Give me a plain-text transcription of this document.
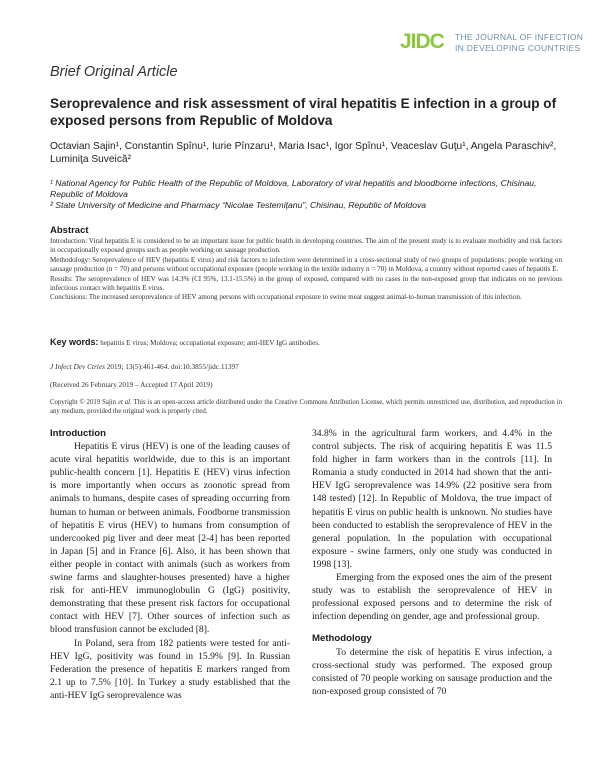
JIDC THE JOURNAL OF INFECTION
IN DEVELOPING COUNTRIES
Brief Original Article
Seroprevalence and risk assessment of viral hepatitis E infection in a group of exposed persons from Republic of Moldova
Octavian Sajin¹, Constantin Spînu¹, Iurie Pînzaru¹, Maria Isac¹, Igor Spînu¹, Veaceslav Guţu¹, Angela Paraschiv², Luminiţa Suveică²

¹ National Agency for Public Health of the Republic of Moldova, Laboratory of viral hepatitis and bloodborne infections, Chisinau, Republic of Moldova

² State University of Medicine and Pharmacy “Nicolae Testemiţanu”, Chisinau, Republic of Moldova

Abstract

Introduction: Viral hepatitis E is considered to be an important issue for public health in developing countries. The aim of the present study is to evaluate morbidity and risk factors in occupationally exposed groups such as people working on sausage production.

Methodology: Seroprevalence of HEV (hepatitis E virus) and risk factors to infection were determined in a cross-sectional study of two groups of populations: people working on sausage production (n = 70) and persons without occupational exposure (people working in the textile industry n = 70) in Moldova, a country without reported cases of hepatitis E.

Results: The seroprevalence of HEV was 14.3% (CI 95%, 13.1-15.5%) in the group of exposed, compared with no cases in the non-exposed group that indicates on no previous infectious contact with hepatitis E virus.

Conclusions: The increased seroprevalence of HEV among persons with occupational exposure to swine meat suggest animal-to-human transmission of this infection.

Key words: hepatitis E virus; Moldova; occupational exposure; anti-HEV IgG antibodies.
J Infect Dev Ctries 2019; 13(5):461-464. doi:10.3855/jidc.11397
(Received 26 February 2019 – Accepted 17 April 2019)
Copyright © 2019 Sajin et al. This is an open-access article distributed under the Creative Commons Attribution License, which permits unrestricted use, distribution, and reproduction in any medium, provided the original work is properly cited.

Introduction

Hepatitis E virus (HEV) is one of the leading causes of acute viral hepatitis worldwide, due to this is an important public-health concern [1]. Hepatitis E (HEV) virus infection is more importantly when occurs as zoonotic spread from animals to humans, despite cases of spreading occurring from human to human or between animals. Foodborne transmission of hepatitis E virus (HEV) to humans from consumption of undercooked pig liver and deer meat [2-4] has been reported in Japan [5] and in France [6]. Also, it has been shown that either people in contact with animals (such as workers from swine farms and slaughter-houses presented) have a higher risk for anti-HEV immunoglobulin G (IgG) positivity, demonstrating that these present risk factors for occupational contact with HEV [7]. Other sources of infection such as blood transfusion cannot be excluded [8].

In Poland, sera from 182 patients were tested for anti-HEV IgG, positivity was found in 15.9% [9]. In Russian Federation the presence of hepatitis E markers ranged from 2.1 up to 7.5% [10]. In Turkey a study established that the anti-HEV IgG seroprevalence was

34.8% in the agricultural farm workers, and 4.4% in the control subjects. The risk of acquiring hepatitis E was 11.5 fold higher in farm workers than in the controls [11]. In Romania a study conducted in 2014 had shown that the anti-HEV IgG seroprevalence was 14.9% (22 positive sera from 148 tested) [12]. In Republic of Moldova, the true impact of hepatitis E virus on public health is unknown. No studies have been conducted to establish the seroprevalence of HEV in the general population. In the population with occupational exposure - swine farmers, only one study was conducted in 1998 [13].

Emerging from the exposed ones the aim of the present study was to establish the seroprevalence of HEV in professional exposed persons and to determine the risk of infection depending on gender, age and professional group.

Methodology

To determine the risk of hepatitis E virus infection, a cross-sectional study was performed. The exposed group consisted of 70 people working on sausage production and the non-exposed group consisted of 70
